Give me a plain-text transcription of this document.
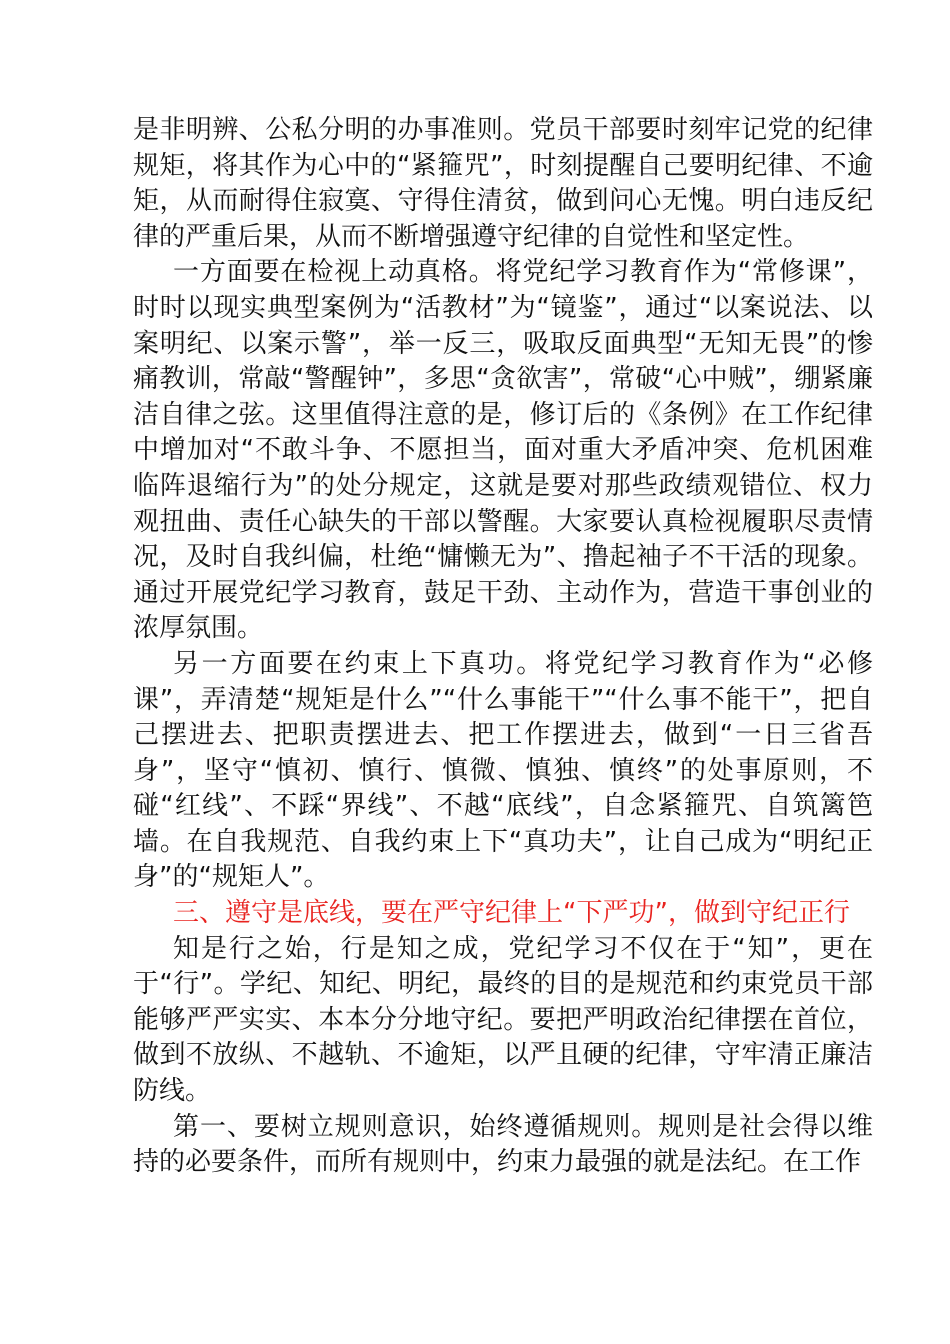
是非明辨、公私分明的办事准则。党员干部要时刻牢记党的纪律规矩，将其作为心中的“紧箍咒”，时刻提醒自己要明纪律、不逾矩，从而耐得住寂寞、守得住清贫，做到问心无愧。明白违反纪律的严重后果，从而不断增强遵守纪律的自觉性和坚定性。

一方面要在检视上动真格。将党纪学习教育作为“常修课”，时时以现实典型案例为“活教材”为“镜鉴”，通过“以案说法、以案明纪、以案示警”，举一反三，吸取反面典型“无知无畏”的惨痛教训，常敲“警醒钟”，多思“贪欲害”，常破“心中贼”，绷紧廉洁自律之弦。这里值得注意的是，修订后的《条例》在工作纪律中增加对“不敢斗争、不愿担当，面对重大矛盾冲突、危机困难临阵退缩行为”的处分规定，这就是要对那些政绩观错位、权力观扭曲、责任心缺失的干部以警醒。大家要认真检视履职尽责情况，及时自我纠偏，杜绝“慵懒无为”、撸起袖子不干活的现象。通过开展党纪学习教育，鼓足干劲、主动作为，营造干事创业的浓厚氛围。

另一方面要在约束上下真功。将党纪学习教育作为“必修课”，弄清楚“规矩是什么”“什么事能干”“什么事不能干”，把自己摆进去、把职责摆进去、把工作摆进去，做到“一日三省吾身”，坚守“慎初、慎行、慎微、慎独、慎终”的处事原则，不碰“红线”、不踩“界线”、不越“底线”，自念紧箍咒、自筑篱笆墙。在自我规范、自我约束上下“真功夫”，让自己成为“明纪正身”的“规矩人”。

三、遵守是底线，要在严守纪律上“下严功”，做到守纪正行

知是行之始，行是知之成，党纪学习不仅在于“知”，更在于“行”。学纪、知纪、明纪，最终的目的是规范和约束党员干部能够严严实实、本本分分地守纪。要把严明政治纪律摆在首位，做到不放纵、不越轨、不逾矩，以严且硬的纪律，守牢清正廉洁防线。

第一、要树立规则意识，始终遵循规则。规则是社会得以维持的必要条件，而所有规则中，约束力最强的就是法纪。在工作
